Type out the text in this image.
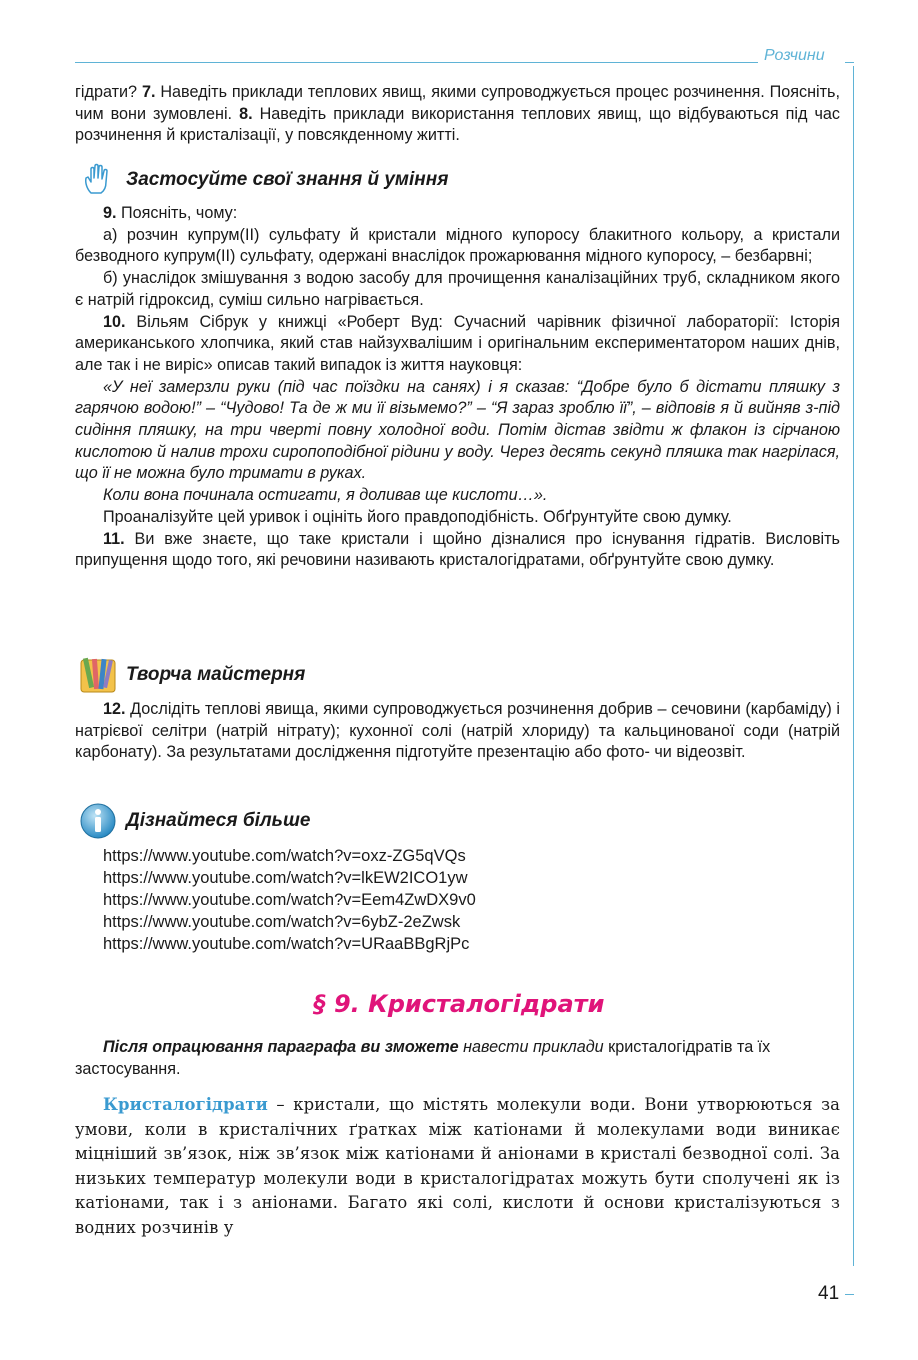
Розчини

гідрати? 7. Наведіть приклади теплових явищ, якими супроводжується процес розчинення. Поясніть, чим вони зумовлені. 8. Наведіть приклади використання теплових явищ, що відбуваються під час розчинення й кристалізації, у повсякденному житті.

Застосуйте свої знання й уміння

9. Поясніть, чому:

а) розчин купрум(ІІ) сульфату й кристали мідного купоросу блакитного кольору, а кристали безводного купрум(ІІ) сульфату, одержані внаслідок прожарювання мідного купоросу, – безбарвні;

б) унаслідок змішування з водою засобу для прочищення каналізаційних труб, складником якого є натрій гідроксид, суміш сильно нагрівається.

10. Вільям Сібрук у книжці «Роберт Вуд: Сучасний чарівник фізичної лабораторії: Історія американського хлопчика, який став найзухвалішим і оригінальним експериментатором наших днів, але так і не виріс» описав такий випадок із життя науковця:

«У неї замерзли руки (під час поїздки на санях) і я сказав: “Добре було б дістати пляшку з гарячою водою!” – “Чудово! Та де ж ми її візьмемо?” – “Я зараз зроблю її”, – відповів я й вийняв з-під сидіння пляшку, на три чверті повну холодної води. Потім дістав звідти ж флакон із сірчаною кислотою й налив трохи сиропоподібної рідини у воду. Через десять секунд пляшка так нагрілася, що її не можна було тримати в руках.

Коли вона починала остигати, я доливав ще кислоти…».

Проаналізуйте цей уривок і оцініть його правдоподібність. Обґрунтуйте свою думку.

11. Ви вже знаєте, що таке кристали і щойно дізналися про існування гідратів. Висловіть припущення щодо того, які речовини називають кристалогідратами, обґрунтуйте свою думку.

Творча майстерня

12. Дослідіть теплові явища, якими супроводжується розчинення добрив – сечовини (карбаміду) і натрієвої селітри (натрій нітрату); кухонної солі (натрій хлориду) та кальцинованої соди (натрій карбонату). За результатами дослідження підготуйте презентацію або фото- чи відеозвіт.

Дізнайтеся більше
https://www.youtube.com/watch?v=oxz-ZG5qVQs
https://www.youtube.com/watch?v=lkEW2ICO1yw
https://www.youtube.com/watch?v=Eem4ZwDX9v0
https://www.youtube.com/watch?v=6ybZ-2eZwsk
https://www.youtube.com/watch?v=URaaBBgRjPc
§ 9. Кристалогідрати
Після опрацювання параграфа ви зможете навести приклади кристалогідратів та їх застосування.
Кристалогідрати – кристали, що містять молекули води. Вони утворюються за умови, коли в кристалічних ґратках між катіонами й молекулами води виникає міцніший зв’язок, ніж зв’язок між катіонами й аніонами в кристалі безводної солі. За низьких температур молекули води в кристалогідратах можуть бути сполучені як із катіонами, так і з аніонами. Багато які солі, кислоти й основи кристалізуються з водних розчинів у
41
